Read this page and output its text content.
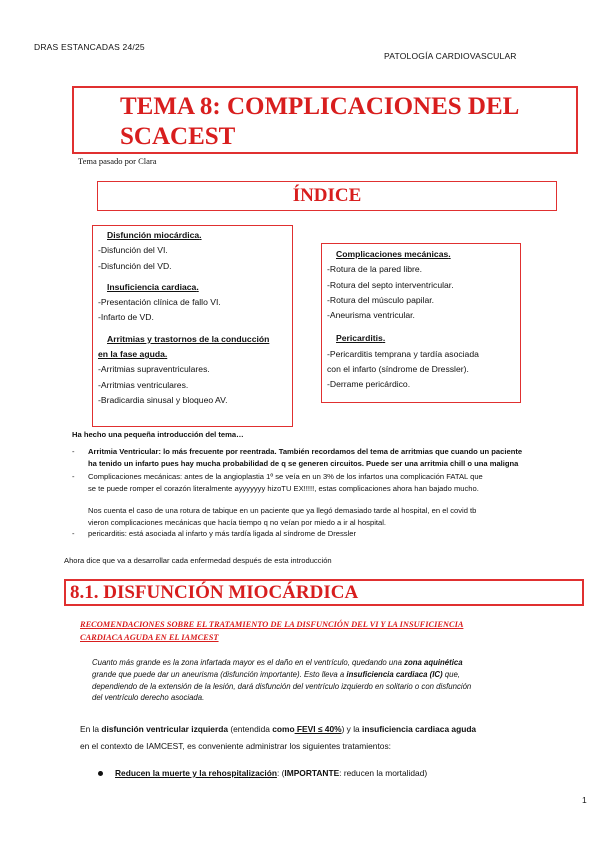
DRAS ESTANCADAS 24/25
PATOLOGÍA CARDIOVASCULAR
TEMA 8: COMPLICACIONES DEL
SCACEST
Tema pasado por Clara
ÍNDICE
Disfunción miocárdica.
-Disfunción del VI.
-Disfunción del VD.
Insuficiencia cardiaca.
-Presentación clínica de fallo VI.
-Infarto de VD.
Arritmias y trastornos de la conducción
en la fase aguda.
-Arritmias supraventriculares.
-Arritmias ventriculares.
-Bradicardia sinusal y bloqueo AV.
Complicaciones mecánicas.
-Rotura de la pared libre.
-Rotura del septo interventricular.
-Rotura del músculo papilar.
-Aneurisma ventricular.
Pericarditis.
-Pericarditis temprana y tardía asociada
con el infarto (síndrome de Dressler).
-Derrame pericárdico.
Ha hecho una pequeña introducción del tema…
- Arritmia Ventricular: lo más frecuente por reentrada. También recordamos del tema de arritmias que cuando un paciente
ha tenido un infarto pues hay mucha probabilidad de q se generen circuitos. Puede ser una arritmia chill o una maligna
- Complicaciones mecánicas: antes de la angioplastia 1º se veía en un 3% de los infartos una complicación FATAL que
se te puede romper el corazón literalmente ayyyyyyy hizoTU EX!!!!!, estas complicaciones ahora han bajado mucho.
Nos cuenta el caso de una rotura de tabique en un paciente que ya llegó demasiado tarde al hospital, en el covid tb
vieron complicaciones mecánicas que hacía tiempo q no veían por miedo a ir al hospital.
- pericarditis: está asociada al infarto y más tardía ligada al síndrome de Dressler
Ahora dice que va a desarrollar cada enfermedad después de esta introducción
8.1. DISFUNCIÓN MIOCÁRDICA
RECOMENDACIONES SOBRE EL TRATAMIENTO DE LA DISFUNCIÓN DEL VI Y LA INSUFICIENCIA
CARDIACA AGUDA EN EL IAMCEST
Cuanto más grande es la zona infartada mayor es el daño en el ventrículo, quedando una zona aquinética
grande que puede dar un aneurisma (disfunción importante). Esto lleva a insuficiencia cardiaca (IC) que,
dependiendo de la extensión de la lesión, dará disfunción del ventrículo izquierdo en solitario o con disfunción
del ventrículo derecho asociada.
En la disfunción ventricular izquierda (entendida como FEVI ≤ 40%) y la insuficiencia cardiaca aguda
en el contexto de IAMCEST, es conveniente administrar los siguientes tratamientos:
Reducen la muerte y la rehospitalización: (IMPORTANTE: reducen la mortalidad)
1
